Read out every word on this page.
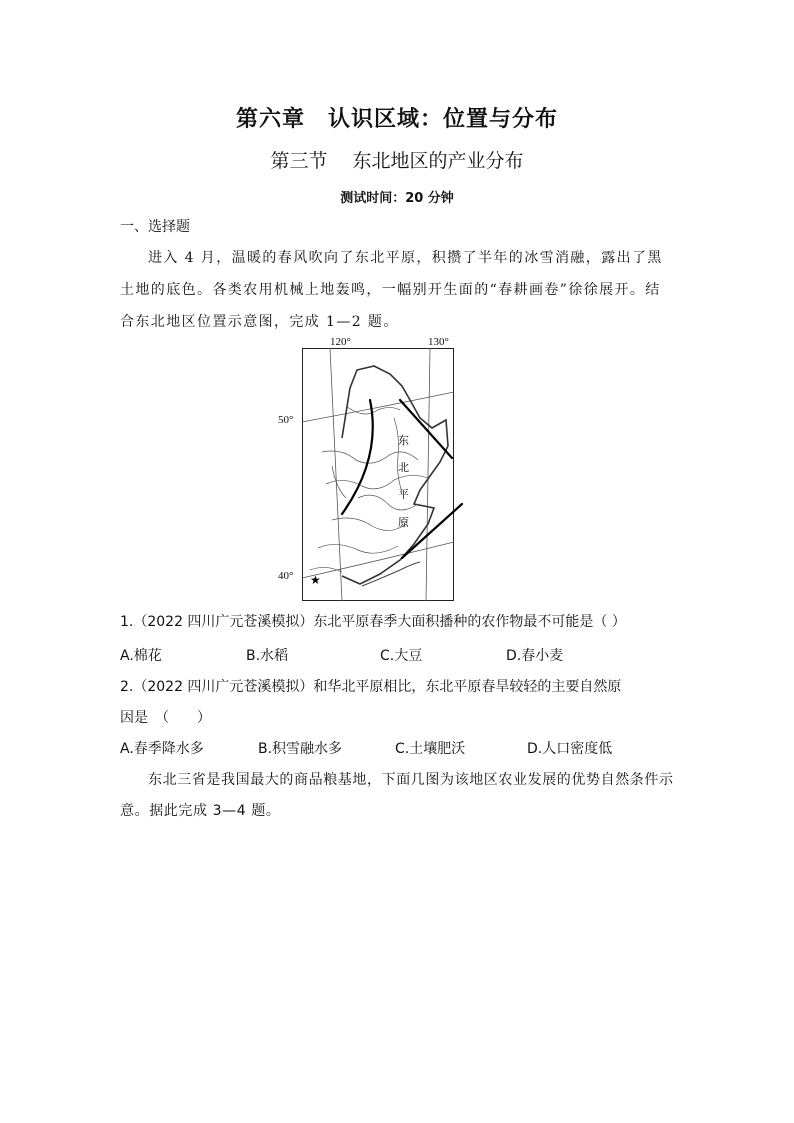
第六章　认识区域：位置与分布
第三节　 东北地区的产业分布
测试时间：20 分钟
一、选择题
进入 4 月，温暖的春风吹向了东北平原，积攒了半年的冰雪消融，露出了黑土地的底色。各类农用机械上地轰鸣，一幅别开生面的“春耕画卷”徐徐展开。结合东北地区位置示意图，完成 1—2 题。
东
北
平
原
★
120°	130°
50°
40°
1.（2022 四川广元苍溪模拟）东北平原春季大面积播种的农作物最不可能是（ ）
A.棉花	B.水稻	C.大豆	D.春小麦
2.（2022 四川广元苍溪模拟）和华北平原相比，东北平原春旱较轻的主要自然原
因是　（　　）
A.春季降水多	B.积雪融水多	C.土壤肥沃	D.人口密度低
东北三省是我国最大的商品粮基地，下面几图为该地区农业发展的优势自然条件示意。据此完成 3—4 题。
